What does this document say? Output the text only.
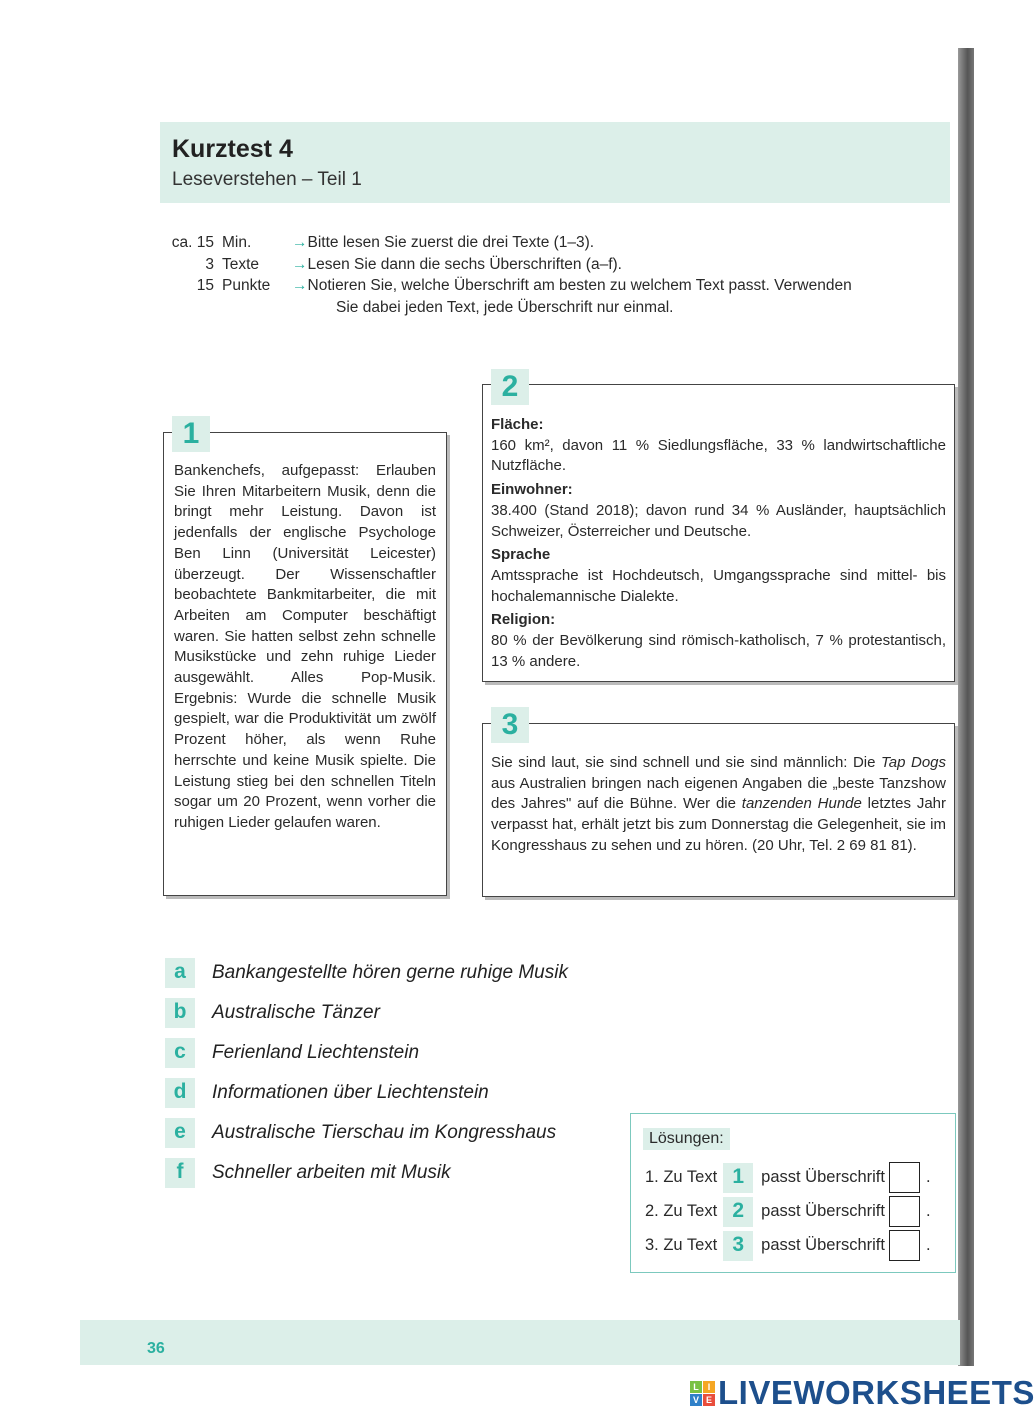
Kurztest 4
Leseverstehen – Teil 1
ca. 15 Min.	→ Bitte lesen Sie zuerst die drei Texte (1–3).
3 Texte	→ Lesen Sie dann die sechs Überschriften (a–f).
15 Punkte	→ Notieren Sie, welche Überschrift am besten zu welchem Text passt. Verwenden
Sie dabei jeden Text, jede Überschrift nur einmal.

Bankenchefs, aufgepasst: Erlauben Sie Ihren Mitarbeitern Musik, denn die bringt mehr Leistung. Davon ist jedenfalls der englische Psychologe Ben Linn (Universität Leicester) überzeugt. Der Wissenschaftler beobachtete Bankmitarbeiter, die mit Arbeiten am Computer beschäftigt waren. Sie hatten selbst zehn schnelle Musikstücke und zehn ruhige Lieder ausgewählt. Alles Pop-Musik. Ergebnis: Wurde die schnelle Musik gespielt, war die Produktivität um zwölf Prozent höher, als wenn Ruhe herrschte und keine Musik spielte. Die Leistung stieg bei den schnellen Titeln sogar um 20 Prozent, wenn vorher die ruhigen Lieder gelaufen waren.

1	Fläche:
160 km², davon 11 % Siedlungsfläche, 33 % landwirtschaftliche Nutzfläche.
Einwohner:
38.400 (Stand 2018); davon rund 34 % Ausländer, hauptsächlich Schweizer, Österreicher und Deutsche.
Sprache
Amtssprache ist Hochdeutsch, Umgangssprache sind mittel- bis hochalemannische Dialekte.
Religion:
80 % der Bevölkerung sind römisch-katholisch, 7 % protestantisch, 13 % andere.
2

Sie sind laut, sie sind schnell und sie sind männlich: Die Tap Dogs aus Australien bringen nach eigenen Angaben die „beste Tanzshow des Jahres" auf die Bühne. Wer die tanzenden Hunde letztes Jahr verpasst hat, erhält jetzt bis zum Donnerstag die Gelegenheit, sie im Kongresshaus zu sehen und zu hören. (20 Uhr, Tel. 2 69 81 81).

3
a	Bankangestellte hören gerne ruhige Musik
b	Australische Tänzer
c	Ferienland Liechtenstein
d	Informationen über Liechtenstein
e	Australische Tierschau im Kongresshaus
f	Schneller arbeiten mit Musik
Lösungen:
1. Zu Text 1	passt Überschrift .
2. Zu Text 2	passt Überschrift .
3. Zu Text 3	passt Überschrift .
36
L I
V E LIVEWORKSHEETS
